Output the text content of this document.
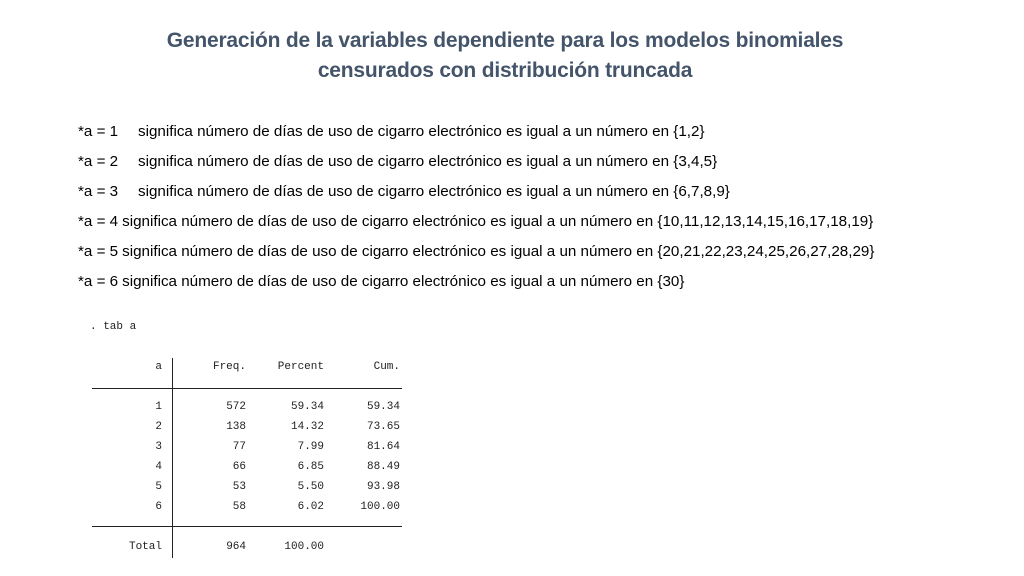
Generación de la variables dependiente para los modelos binomiales
censurados con distribución truncada
*a = 1 significa número de días de uso de cigarro electrónico es igual a un número en {1,2}
*a = 2 significa número de días de uso de cigarro electrónico es igual a un número en {3,4,5}
*a = 3 significa número de días de uso de cigarro electrónico es igual a un número en {6,7,8,9}
*a = 4 significa número de días de uso de cigarro electrónico es igual a un número en {10,11,12,13,14,15,16,17,18,19}
*a = 5 significa número de días de uso de cigarro electrónico es igual a un número en {20,21,22,23,24,25,26,27,28,29}
*a = 6 significa número de días de uso de cigarro electrónico es igual a un número en {30}
. tab a
a	Freq.	Percent	Cum.
1	572	59.34	59.34
2	138	14.32	73.65
3	77	7.99	81.64
4	66	6.85	88.49
5	53	5.50	93.98
6	58	6.02	100.00
Total	964	100.00
